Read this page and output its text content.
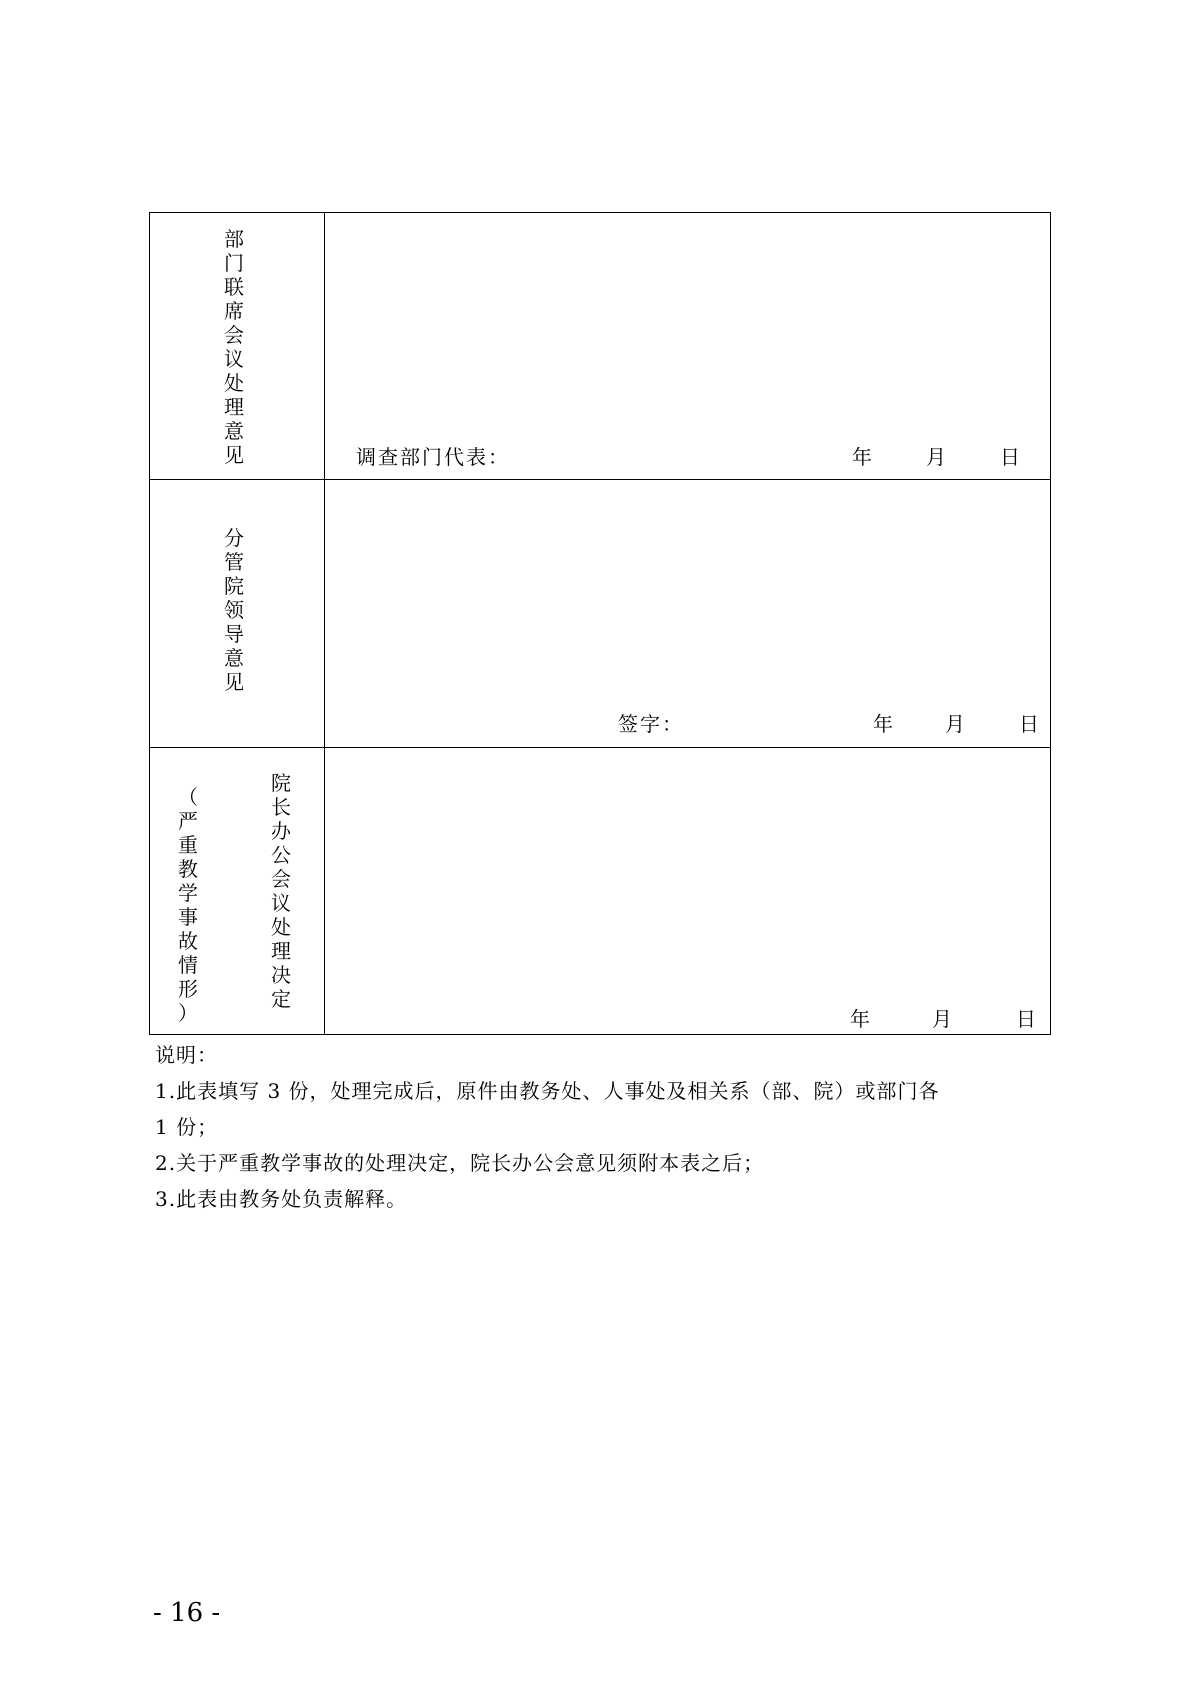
部
门
联
席
会
议
处
理
意
见	调查部门代表：	年	月	日
分
管
院
领
导
意
见
签字：	年	月	日
院
长
办
公
会
议
处
理
决
定
（
严
重
教
学
事
故
情
形
）	年	月	日
说明：
1.此表填写 3 份，处理完成后，原件由教务处、人事处及相关系（部、院）或部门各
1 份；
2.关于严重教学事故的处理决定，院长办公会意见须附本表之后；
3.此表由教务处负责解释。
- 16 -
